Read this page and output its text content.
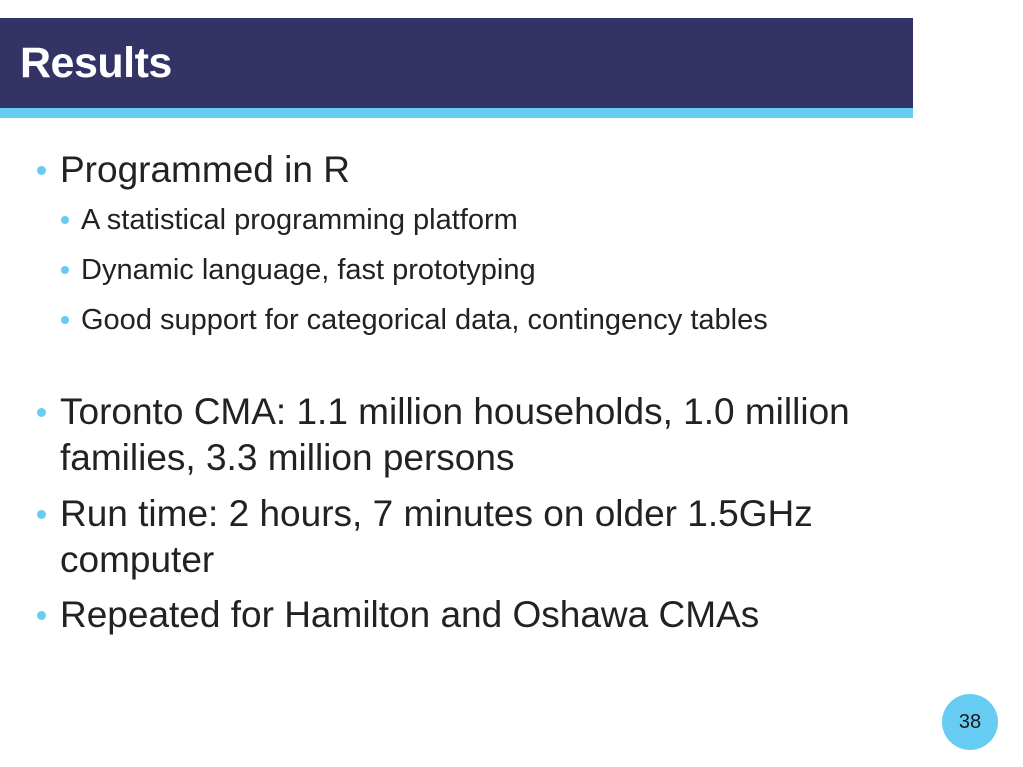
Results
Programmed in R
A statistical programming platform
Dynamic language, fast prototyping
Good support for categorical data, contingency tables
Toronto CMA: 1.1 million households, 1.0 million families, 3.3 million persons
Run time: 2 hours, 7 minutes on older 1.5GHz computer
Repeated for Hamilton and Oshawa CMAs
38
